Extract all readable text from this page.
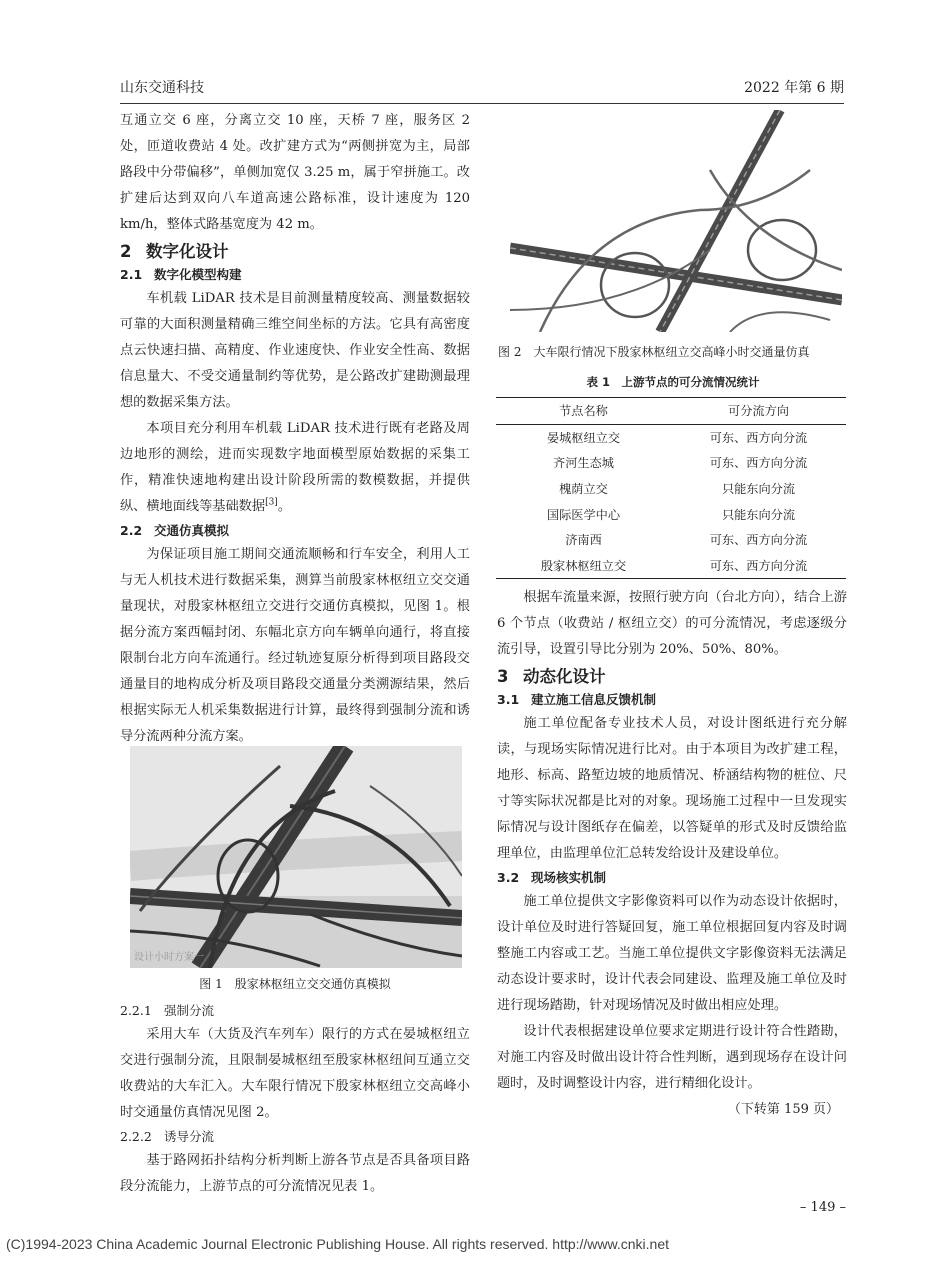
山东交通科技	2022 年第 6 期

互通立交 6 座，分离立交 10 座，天桥 7 座，服务区 2 处，匝道收费站 4 处。改扩建方式为“两侧拼宽为主，局部路段中分带偏移”，单侧加宽仅 3.25 m，属于窄拼施工。改扩建后达到双向八车道高速公路标准，设计速度为 120 km/h，整体式路基宽度为 42 m。

2 数字化设计
2.1 数字化模型构建

车机载 LiDAR 技术是目前测量精度较高、测量数据较可靠的大面积测量精确三维空间坐标的方法。它具有高密度点云快速扫描、高精度、作业速度快、作业安全性高、数据信息量大、不受交通量制约等优势，是公路改扩建勘测最理想的数据采集方法。

本项目充分利用车机载 LiDAR 技术进行既有老路及周边地形的测绘，进而实现数字地面模型原始数据的采集工作，精准快速地构建出设计阶段所需的数模数据，并提供纵、横地面线等基础数据[3]。

2.2 交通仿真模拟

为保证项目施工期间交通流顺畅和行车安全，利用人工与无人机技术进行数据采集，测算当前殷家林枢纽立交交通量现状，对殷家林枢纽立交进行交通仿真模拟，见图 1。根据分流方案西幅封闭、东幅北京方向车辆单向通行，将直接限制台北方向车流通行。经过轨迹复原分析得到项目路段交通量目的地构成分析及项目路段交通量分类溯源结果，然后根据实际无人机采集数据进行计算，最终得到强制分流和诱导分流两种分流方案。

设计小时方案一
图 1　殷家林枢纽立交交通仿真模拟
2.2.1 强制分流

采用大车（大货及汽车列车）限行的方式在晏城枢纽立交进行强制分流，且限制晏城枢纽至殷家林枢纽间互通立交收费站的大车汇入。大车限行情况下殷家林枢纽立交高峰小时交通量仿真情况见图 2。

2.2.2 诱导分流

基于路网拓扑结构分析判断上游各节点是否具备项目路段分流能力，上游节点的可分流情况见表 1。

图 2　大车限行情况下殷家林枢纽立交高峰小时交通量仿真
表 1　上游节点的可分流情况统计
节点名称	可分流方向
晏城枢纽立交	可东、西方向分流
齐河生态城	可东、西方向分流
槐荫立交	只能东向分流
国际医学中心	只能东向分流
济南西	可东、西方向分流
殷家林枢纽立交	可东、西方向分流

根据车流量来源，按照行驶方向（台北方向），结合上游 6 个节点（收费站 / 枢纽立交）的可分流情况，考虑逐级分流引导，设置引导比分别为 20%、50%、80%。

3 动态化设计
3.1 建立施工信息反馈机制

施工单位配备专业技术人员，对设计图纸进行充分解读，与现场实际情况进行比对。由于本项目为改扩建工程，地形、标高、路堑边坡的地质情况、桥涵结构物的桩位、尺寸等实际状况都是比对的对象。现场施工过程中一旦发现实际情况与设计图纸存在偏差，以答疑单的形式及时反馈给监理单位，由监理单位汇总转发给设计及建设单位。

3.2 现场核实机制

施工单位提供文字影像资料可以作为动态设计依据时，设计单位及时进行答疑回复，施工单位根据回复内容及时调整施工内容或工艺。当施工单位提供文字影像资料无法满足动态设计要求时，设计代表会同建设、监理及施工单位及时进行现场踏勘，针对现场情况及时做出相应处理。

设计代表根据建设单位要求定期进行设计符合性踏勘，对施工内容及时做出设计符合性判断，遇到现场存在设计问题时，及时调整设计内容，进行精细化设计。

（下转第 159 页）
– 149 –
(C)1994-2023 China Academic Journal Electronic Publishing House. All rights reserved. http://www.cnki.net
